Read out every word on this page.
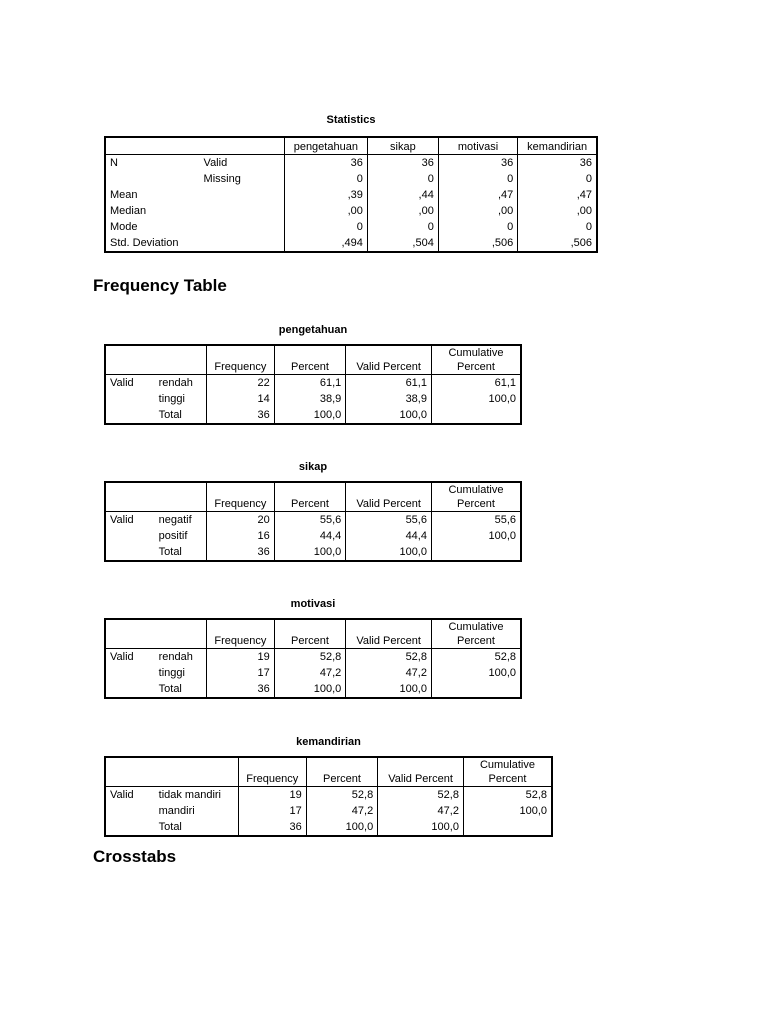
Statistics
		pengetahuan	sikap	motivasi	kemandirian
N	Valid	36	36	36	36
	Missing	0	0	0	0
Mean		,39	,44	,47	,47
Median		,00	,00	,00	,00
Mode		0	0	0	0
Std. Deviation		,494	,504	,506	,506
Frequency Table
pengetahuan
		Frequency	Percent	Valid Percent	Cumulative
Percent
Valid	rendah	22	61,1	61,1	61,1
	tinggi	14	38,9	38,9	100,0
	Total	36	100,0	100,0	
sikap
		Frequency	Percent	Valid Percent	Cumulative
Percent
Valid	negatif	20	55,6	55,6	55,6
	positif	16	44,4	44,4	100,0
	Total	36	100,0	100,0	
motivasi
		Frequency	Percent	Valid Percent	Cumulative
Percent
Valid	rendah	19	52,8	52,8	52,8
	tinggi	17	47,2	47,2	100,0
	Total	36	100,0	100,0	
kemandirian
		Frequency	Percent	Valid Percent	Cumulative
Percent
Valid	tidak mandiri	19	52,8	52,8	52,8
	mandiri	17	47,2	47,2	100,0
	Total	36	100,0	100,0	
Crosstabs
